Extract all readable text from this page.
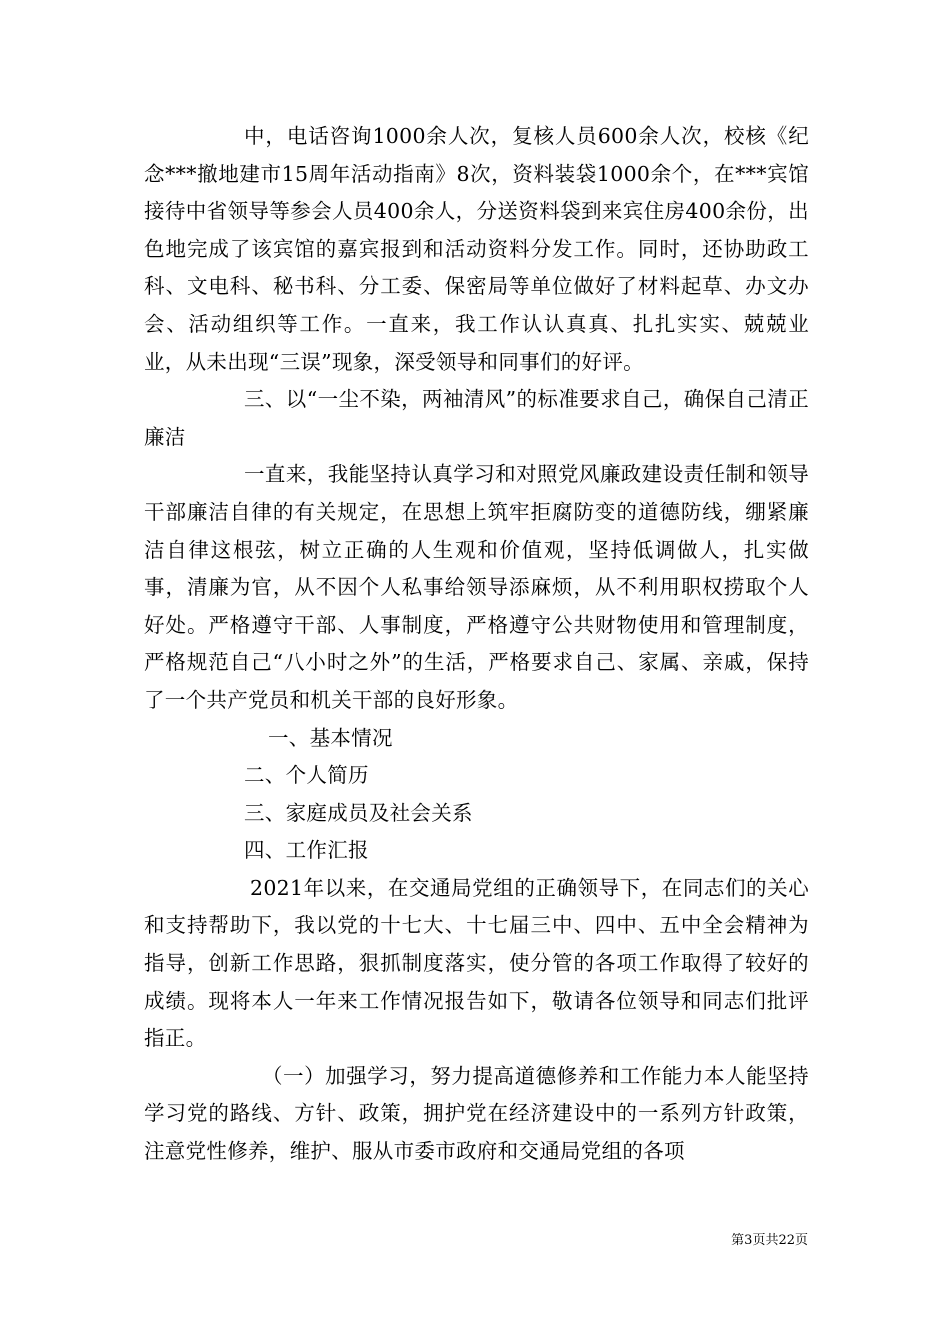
中，电话咨询1000余人次，复核人员600余人次，校核《纪念***撤地建市15周年活动指南》8次，资料装袋1000余个，在***宾馆接待中省领导等参会人员400余人，分送资料袋到来宾住房400余份，出色地完成了该宾馆的嘉宾报到和活动资料分发工作。同时，还协助政工科、文电科、秘书科、分工委、保密局等单位做好了材料起草、办文办会、活动组织等工作。一直来，我工作认认真真、扎扎实实、兢兢业业，从未出现“三误”现象，深受领导和同事们的好评。

三、以“一尘不染，两袖清风”的标准要求自己，确保自己清正廉洁

一直来，我能坚持认真学习和对照党风廉政建设责任制和领导干部廉洁自律的有关规定，在思想上筑牢拒腐防变的道德防线，绷紧廉洁自律这根弦，树立正确的人生观和价值观，坚持低调做人，扎实做事，清廉为官，从不因个人私事给领导添麻烦，从不利用职权捞取个人好处。严格遵守干部、人事制度，严格遵守公共财物使用和管理制度，严格规范自己“八小时之外”的生活，严格要求自己、家属、亲戚，保持了一个共产党员和机关干部的良好形象。

一、基本情况

二、个人简历

三、家庭成员及社会关系

四、工作汇报

2021年以来，在交通局党组的正确领导下，在同志们的关心和支持帮助下，我以党的十七大、十七届三中、四中、五中全会精神为指导，创新工作思路，狠抓制度落实，使分管的各项工作取得了较好的成绩。现将本人一年来工作情况报告如下，敬请各位领导和同志们批评指正。

（一）加强学习，努力提高道德修养和工作能力本人能坚持学习党的路线、方针、政策，拥护党在经济建设中的一系列方针政策，注意党性修养，维护、服从市委市政府和交通局党组的各项

第3页共22页
